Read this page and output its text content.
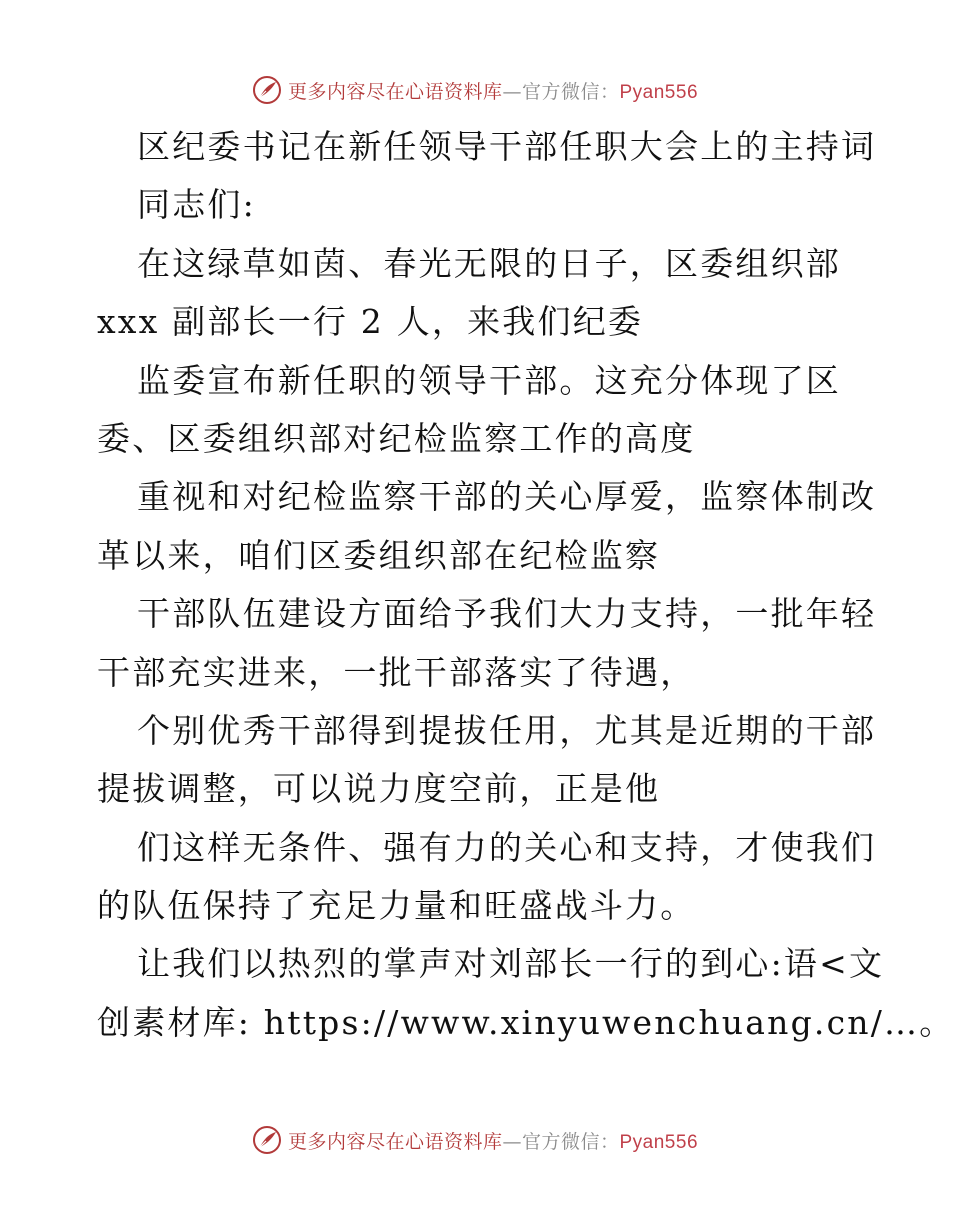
更多内容尽在心语资料库—官方微信：Pyan556
区纪委书记在新任领导干部任职大会上的主持词
同志们:
在这绿草如茵、春光无限的日子，区委组织部
xxx 副部长一行 2 人，来我们纪委
监委宣布新任职的领导干部。这充分体现了区
委、区委组织部对纪检监察工作的高度
重视和对纪检监察干部的关心厚爱，监察体制改
革以来，咱们区委组织部在纪检监察
干部队伍建设方面给予我们大力支持，一批年轻
干部充实进来，一批干部落实了待遇，
个别优秀干部得到提拔任用，尤其是近期的干部
提拔调整，可以说力度空前，正是他
们这样无条件、强有力的关心和支持，才使我们
的队伍保持了充足力量和旺盛战斗力。
让我们以热烈的掌声对刘部长一行的到心:语<文
创素材库: https://www.xinyuwenchuang.cn/…。
更多内容尽在心语资料库—官方微信：Pyan556
